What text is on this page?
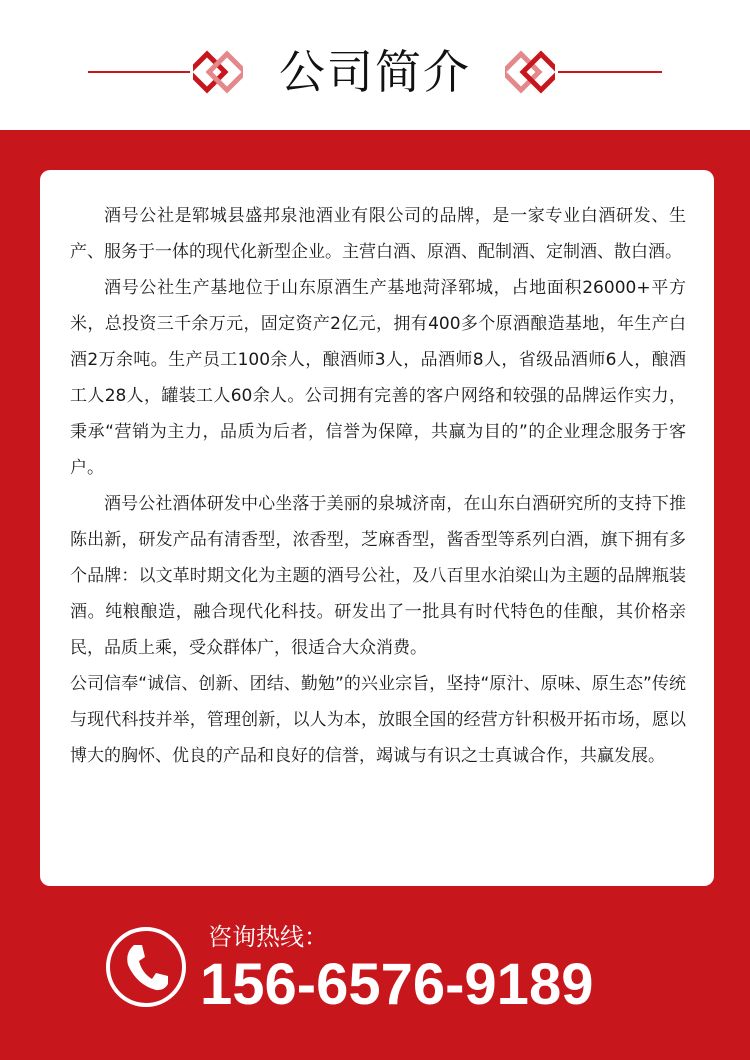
公司简介

酒号公社是郓城县盛邦泉池酒业有限公司的品牌，是一家专业白酒研发、生产、服务于一体的现代化新型企业。主营白酒、原酒、配制酒、定制酒、散白酒。

酒号公社生产基地位于山东原酒生产基地菏泽郓城，占地面积26000+平方米，总投资三千余万元，固定资产2亿元，拥有400多个原酒酿造基地，年生产白酒2万余吨。生产员工100余人，酿酒师3人，品酒师8人，省级品酒师6人，酿酒工人28人，罐装工人60余人。公司拥有完善的客户网络和较强的品牌运作实力，秉承“营销为主力，品质为后者，信誉为保障，共赢为目的”的企业理念服务于客户。

酒号公社酒体研发中心坐落于美丽的泉城济南，在山东白酒研究所的支持下推陈出新，研发产品有清香型，浓香型，芝麻香型，酱香型等系列白酒，旗下拥有多个品牌：以文革时期文化为主题的酒号公社，及八百里水泊梁山为主题的品牌瓶装酒。纯粮酿造，融合现代化科技。研发出了一批具有时代特色的佳酿，其价格亲民，品质上乘，受众群体广，很适合大众消费。

公司信奉“诚信、创新、团结、勤勉”的兴业宗旨，坚持“原汁、原味、原生态”传统与现代科技并举，管理创新，以人为本，放眼全国的经营方针积极开拓市场，愿以博大的胸怀、优良的产品和良好的信誉，竭诚与有识之士真诚合作，共赢发展。

咨询热线：
156-6576-9189
